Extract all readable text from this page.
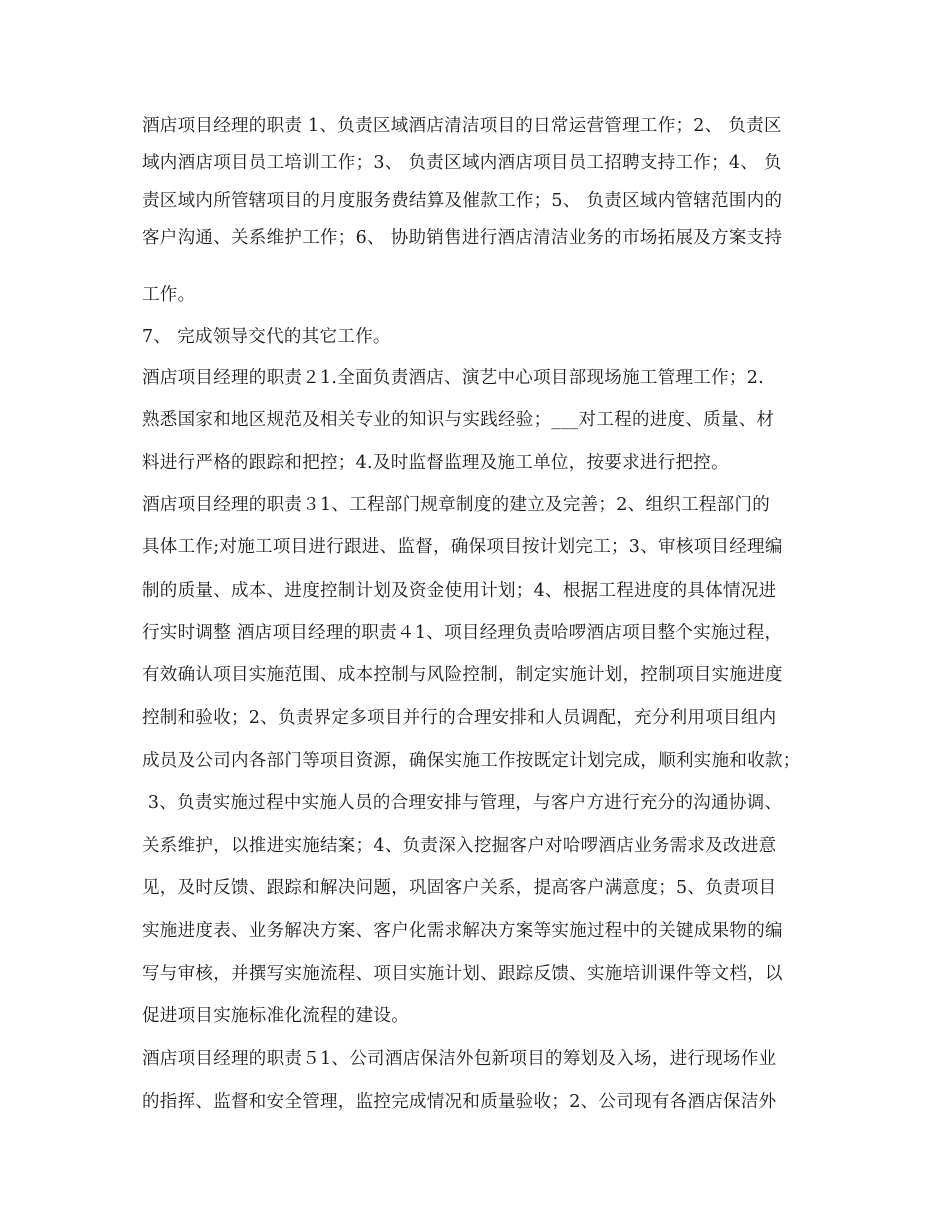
酒店项目经理的职责 1、负责区域酒店清洁项目的日常运营管理工作；2、 负责区
域内酒店项目员工培训工作；3、 负责区域内酒店项目员工招聘支持工作；4、 负
责区域内所管辖项目的月度服务费结算及催款工作；5、 负责区域内管辖范围内的
客户沟通、关系维护工作；6、 协助销售进行酒店清洁业务的市场拓展及方案支持
工作。
7、 完成领导交代的其它工作。
酒店项目经理的职责２1.全面负责酒店、演艺中心项目部现场施工管理工作；2.
熟悉国家和地区规范及相关专业的知识与实践经验；___对工程的进度、质量、材
料进行严格的跟踪和把控；4.及时监督监理及施工单位，按要求进行把控。
酒店项目经理的职责３1、工程部门规章制度的建立及完善；2、组织工程部门的
具体工作;对施工项目进行跟进、监督，确保项目按计划完工；3、审核项目经理编
制的质量、成本、进度控制计划及资金使用计划；4、根据工程进度的具体情况进
行实时调整 酒店项目经理的职责４1、项目经理负责哈啰酒店项目整个实施过程，
有效确认项目实施范围、成本控制与风险控制，制定实施计划，控制项目实施进度
控制和验收；2、负责界定多项目并行的合理安排和人员调配，充分利用项目组内
成员及公司内各部门等项目资源，确保实施工作按既定计划完成，顺利实施和收款；
3、负责实施过程中实施人员的合理安排与管理，与客户方进行充分的沟通协调、
关系维护，以推进实施结案；4、负责深入挖掘客户对哈啰酒店业务需求及改进意
见，及时反馈、跟踪和解决问题，巩固客户关系，提高客户满意度；5、负责项目
实施进度表、业务解决方案、客户化需求解决方案等实施过程中的关键成果物的编
写与审核，并撰写实施流程、项目实施计划、跟踪反馈、实施培训课件等文档，以
促进项目实施标准化流程的建设。
酒店项目经理的职责５1、公司酒店保洁外包新项目的筹划及入场，进行现场作业
的指挥、监督和安全管理，监控完成情况和质量验收；2、公司现有各酒店保洁外
